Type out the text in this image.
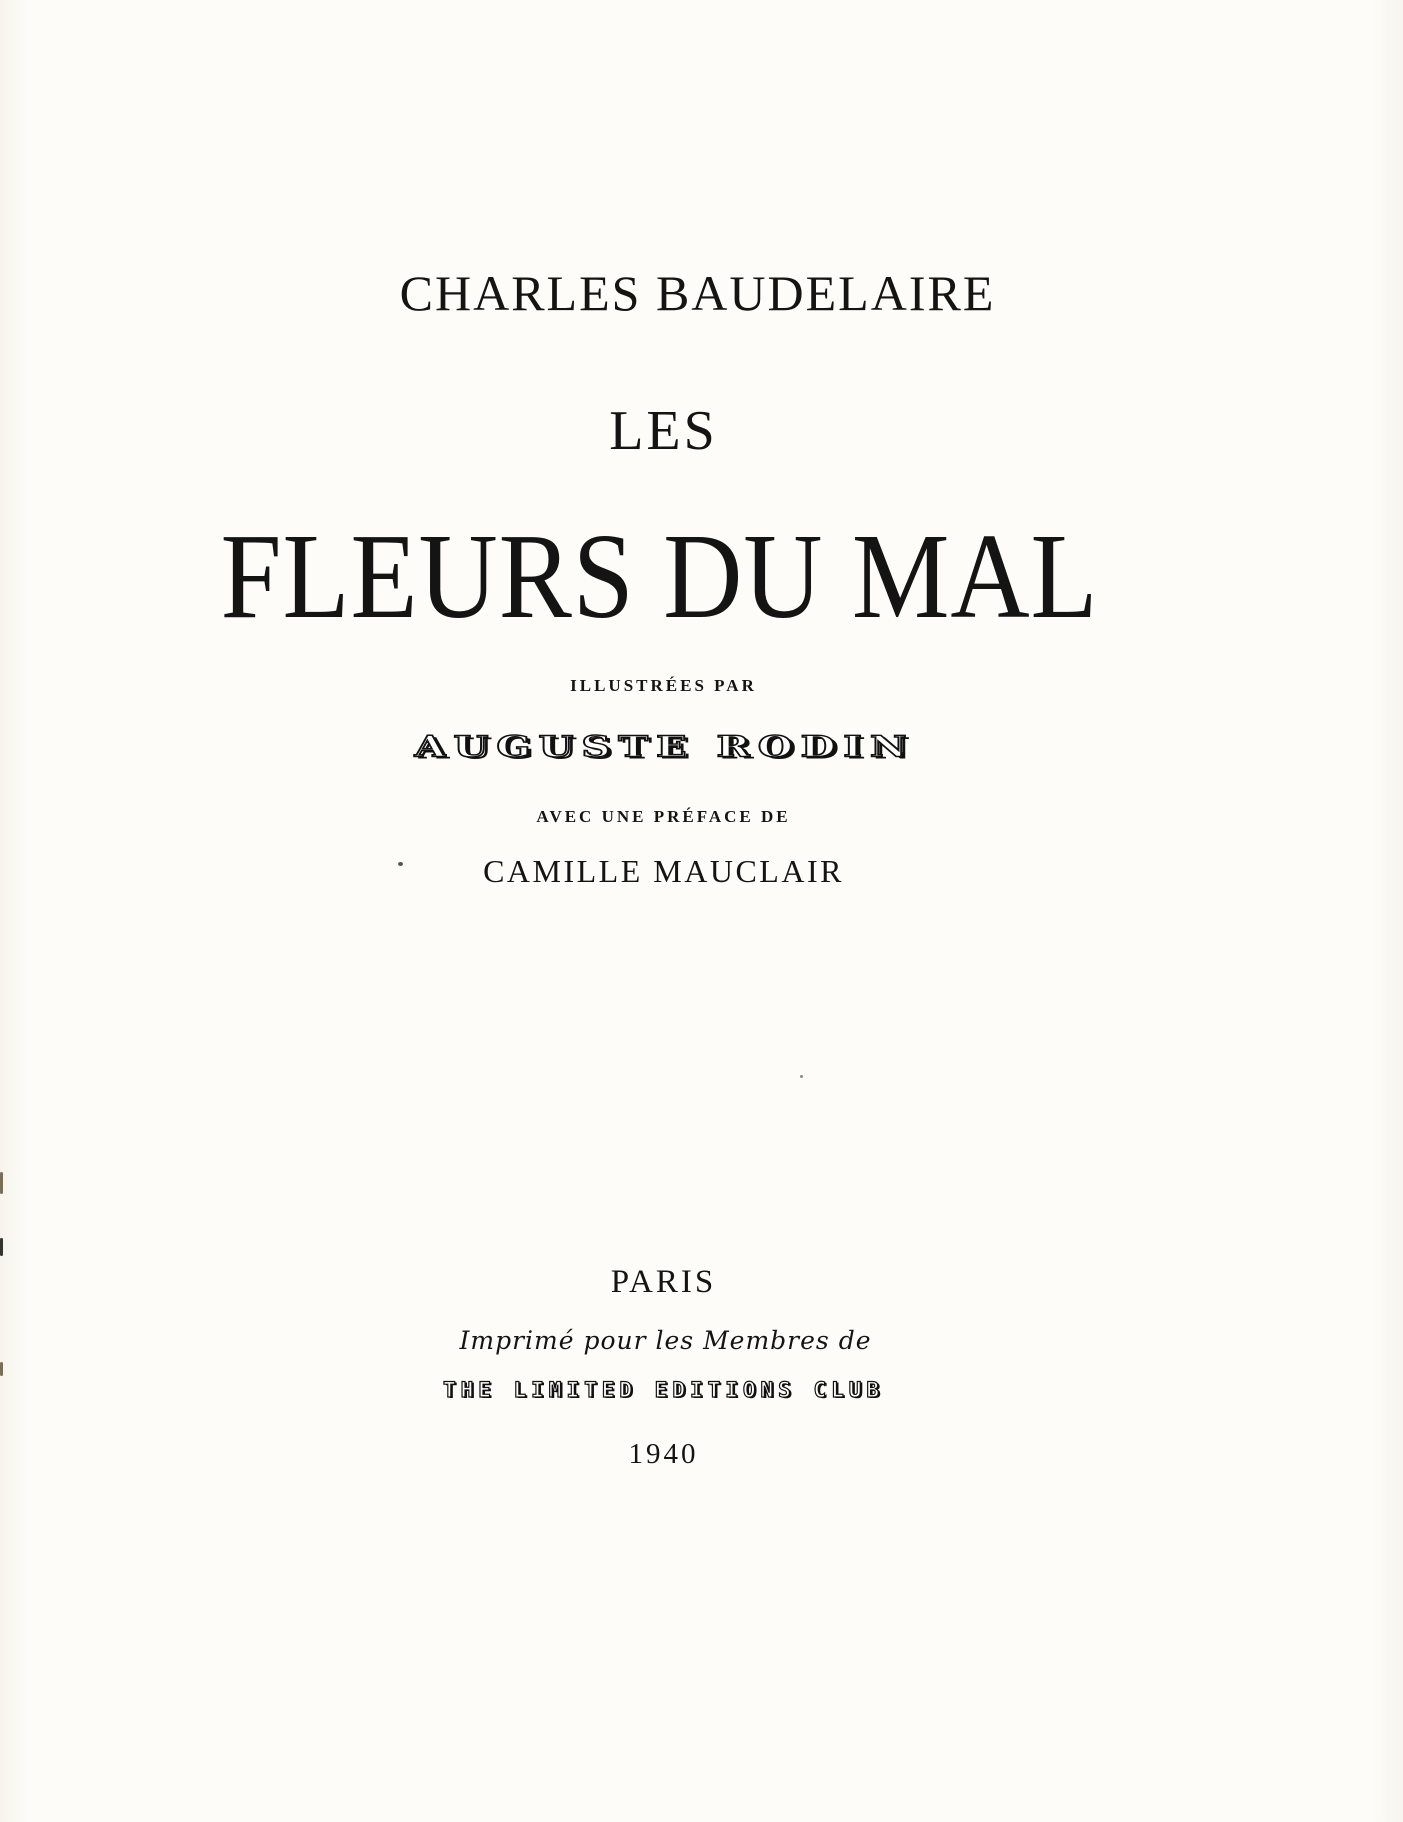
CHARLES BAUDELAIRE
LES
FLEURS DU MAL
ILLUSTRÉES PAR
AUGUSTE RODIN
AVEC UNE PRÉFACE DE
CAMILLE MAUCLAIR
PARIS
Imprimé pour les Membres de
THE LIMITED EDITIONS CLUB
1940
